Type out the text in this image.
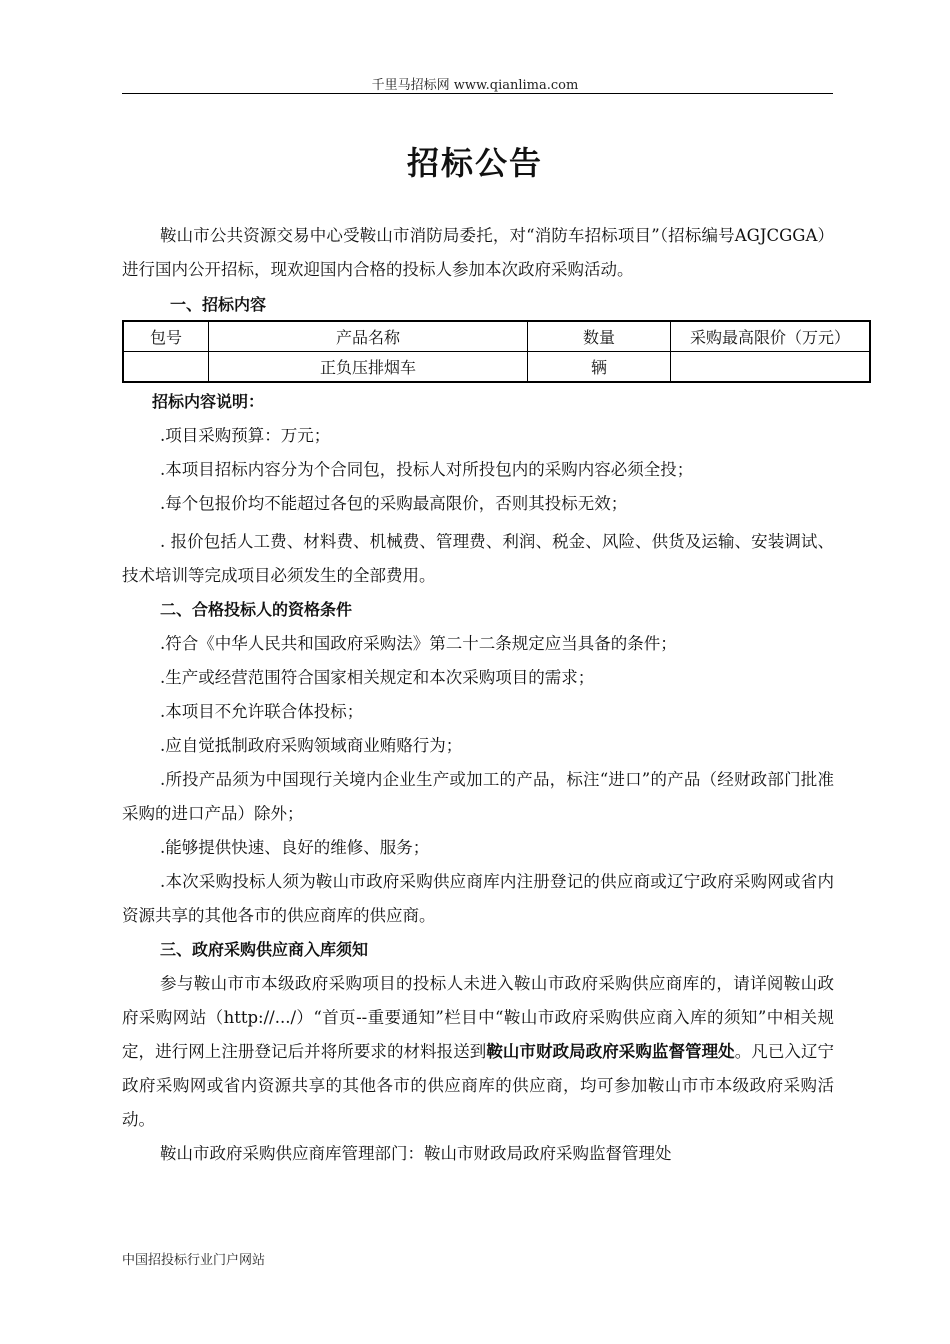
千里马招标网 www.qianlima.com
招标公告

鞍山市公共资源交易中心受鞍山市消防局委托，对“消防车招标项目”（招标编号AGJCGGA）进行国内公开招标，现欢迎国内合格的投标人参加本次政府采购活动。

一、招标内容

包号	产品名称	数量	采购最高限价（万元）
	正负压排烟车	辆	

招标内容说明：

.项目采购预算：万元；

.本项目招标内容分为个合同包，投标人对所投包内的采购内容必须全投；

.每个包报价均不能超过各包的采购最高限价，否则其投标无效；

. 报价包括人工费、材料费、机械费、管理费、利润、税金、风险、供货及运输、安装调试、技术培训等完成项目必须发生的全部费用。

二、合格投标人的资格条件

.符合《中华人民共和国政府采购法》第二十二条规定应当具备的条件；

.生产或经营范围符合国家相关规定和本次采购项目的需求；

.本项目不允许联合体投标；

.应自觉抵制政府采购领域商业贿赂行为；

.所投产品须为中国现行关境内企业生产或加工的产品，标注“进口”的产品（经财政部门批准采购的进口产品）除外；

.能够提供快速、良好的维修、服务；

.本次采购投标人须为鞍山市政府采购供应商库内注册登记的供应商或辽宁政府采购网或省内资源共享的其他各市的供应商库的供应商。

三、政府采购供应商入库须知

参与鞍山市市本级政府采购项目的投标人未进入鞍山市政府采购供应商库的，请详阅鞍山政府采购网站（http://.../）“首页--重要通知”栏目中“鞍山市政府采购供应商入库的须知”中相关规定，进行网上注册登记后并将所要求的材料报送到鞍山市财政局政府采购监督管理处。凡已入辽宁政府采购网或省内资源共享的其他各市的供应商库的供应商，均可参加鞍山市市本级政府采购活动。

鞍山市政府采购供应商库管理部门：鞍山市财政局政府采购监督管理处

中国招投标行业门户网站
